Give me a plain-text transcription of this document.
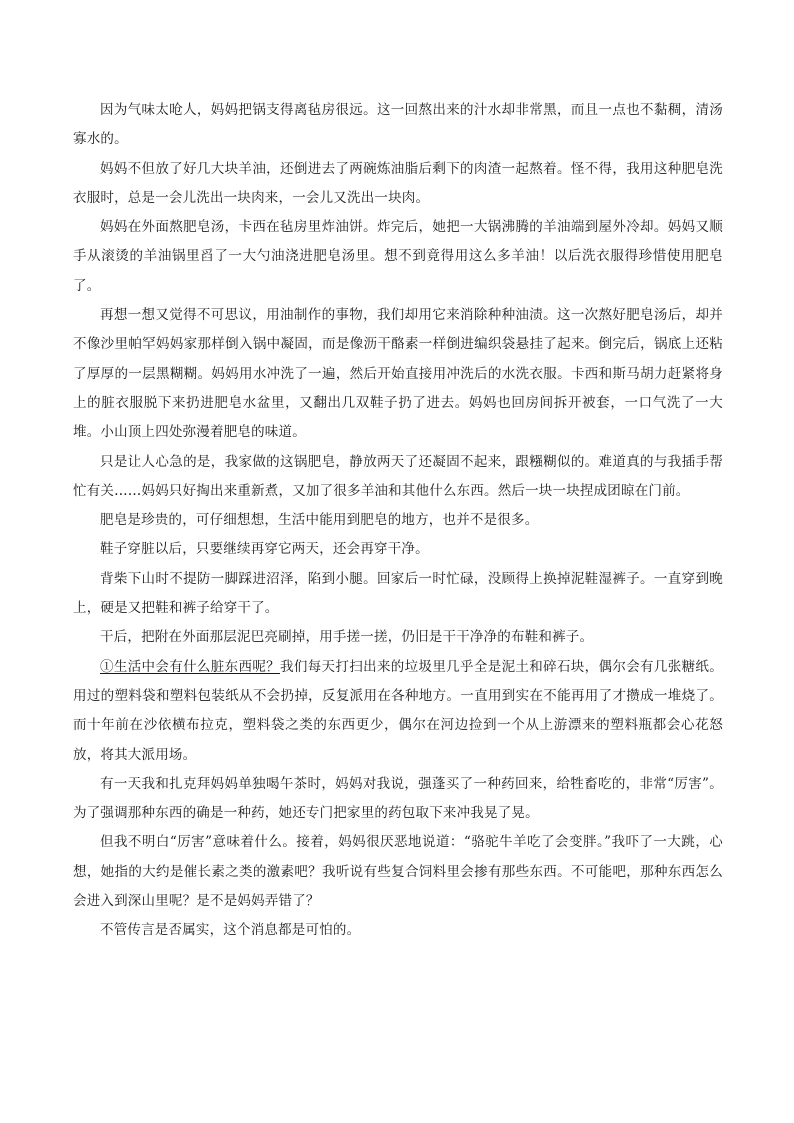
因为气味太呛人，妈妈把锅支得离毡房很远。这一回熬出来的汁水却非常黑，而且一点也不黏稠，清汤寡水的。

妈妈不但放了好几大块羊油，还倒进去了两碗炼油脂后剩下的肉渣一起熬着。怪不得，我用这种肥皂洗衣服时，总是一会儿洗出一块肉来，一会儿又洗出一块肉。

妈妈在外面熬肥皂汤，卡西在毡房里炸油饼。炸完后，她把一大锅沸腾的羊油端到屋外冷却。妈妈又顺手从滚烫的羊油锅里舀了一大勺油浇进肥皂汤里。想不到竟得用这么多羊油！以后洗衣服得珍惜使用肥皂了。

再想一想又觉得不可思议，用油制作的事物，我们却用它来消除种种油渍。这一次熬好肥皂汤后，却并不像沙里帕罕妈妈家那样倒入锅中凝固，而是像沥干酪素一样倒进编织袋悬挂了起来。倒完后，锅底上还粘了厚厚的一层黑糊糊。妈妈用水冲洗了一遍，然后开始直接用冲洗后的水洗衣服。卡西和斯马胡力赶紧将身上的脏衣服脱下来扔进肥皂水盆里，又翻出几双鞋子扔了进去。妈妈也回房间拆开被套，一口气洗了一大堆。小山顶上四处弥漫着肥皂的味道。

只是让人心急的是，我家做的这锅肥皂，静放两天了还凝固不起来，跟糨糊似的。难道真的与我插手帮忙有关……妈妈只好掏出来重新煮，又加了很多羊油和其他什么东西。然后一块一块捏成团晾在门前。

肥皂是珍贵的，可仔细想想，生活中能用到肥皂的地方，也并不是很多。

鞋子穿脏以后，只要继续再穿它两天，还会再穿干净。

背柴下山时不提防一脚踩进沼泽，陷到小腿。回家后一时忙碌，没顾得上换掉泥鞋湿裤子。一直穿到晚上，硬是又把鞋和裤子给穿干了。

干后，把附在外面那层泥巴亮刷掉，用手搓一搓，仍旧是干干净净的布鞋和裤子。

①生活中会有什么脏东西呢？我们每天打扫出来的垃圾里几乎全是泥土和碎石块，偶尔会有几张糖纸。用过的塑料袋和塑料包装纸从不会扔掉，反复派用在各种地方。一直用到实在不能再用了才攒成一堆烧了。而十年前在沙依横布拉克，塑料袋之类的东西更少，偶尔在河边捡到一个从上游漂来的塑料瓶都会心花怒放，将其大派用场。

有一天我和扎克拜妈妈单独喝午茶时，妈妈对我说，强蓬买了一种药回来，给牲畜吃的，非常“厉害”。为了强调那种东西的确是一种药，她还专门把家里的药包取下来冲我晃了晃。

但我不明白“厉害”意味着什么。接着，妈妈很厌恶地说道：“骆驼牛羊吃了会变胖。”我吓了一大跳，心想，她指的大约是催长素之类的激素吧？我听说有些复合饲料里会掺有那些东西。不可能吧，那种东西怎么会进入到深山里呢？是不是妈妈弄错了？

不管传言是否属实，这个消息都是可怕的。
